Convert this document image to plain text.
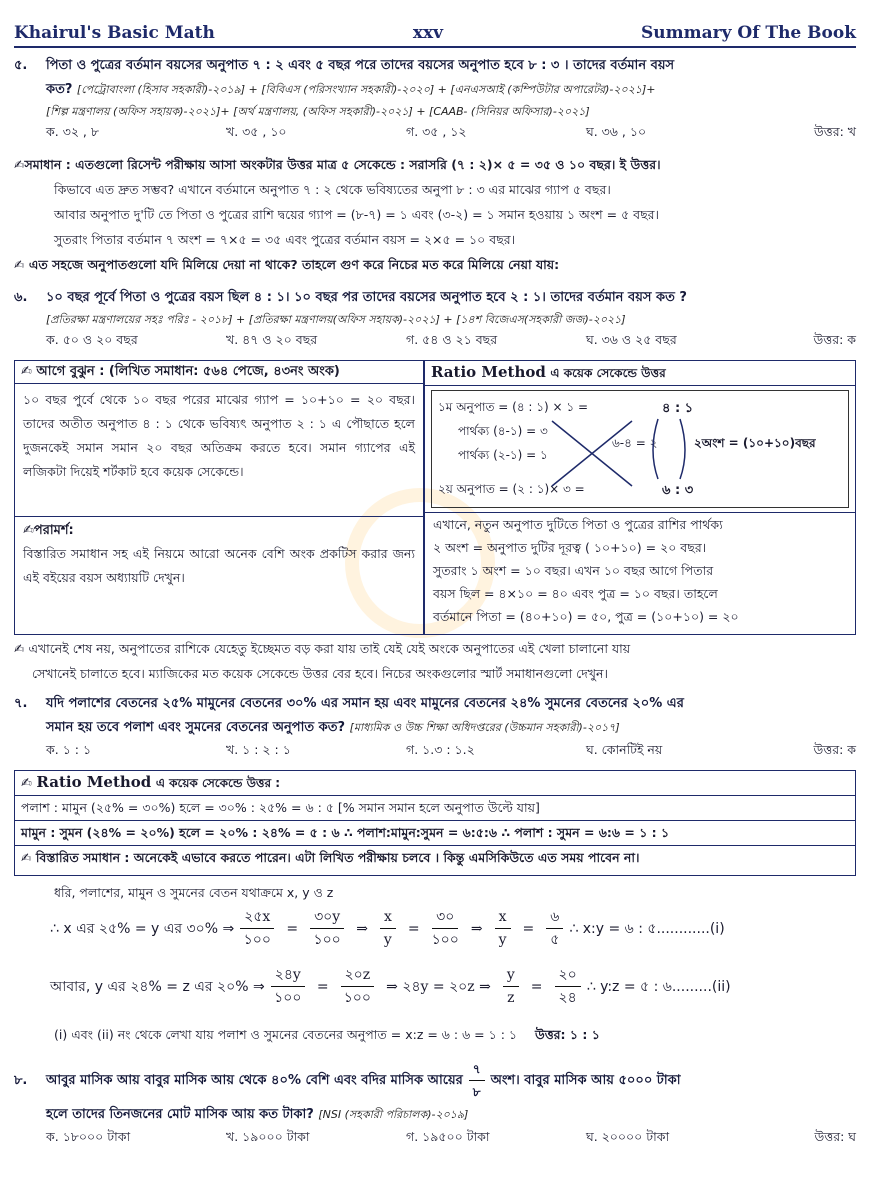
Khairul's Basic Math	xxv	Summary Of The Book
৫. পিতা ও পুত্রের বর্তমান বয়সের অনুপাত ৭ : ২ এবং ৫ বছর পরে তাদের বয়সের অনুপাত হবে ৮ : ৩ । তাদের বর্তমান বয়স
কত? [পেট্রোবাংলা (হিসাব সহকারী)-২০১৯] + [বিবিএস (পরিসংখ্যান সহকারী)-২০২০] + [এনএসআই (কম্পিউটার অপারেটর)-২০২১]+
[শিল্প মন্ত্রণালয় (অফিস সহায়ক)-২০২১]+ [অর্থ মন্ত্রণালয়, (অফিস সহকারী)-২০২১] + [CAAB- (সিনিয়র অফিসার)-২০২১]
ক. ৩২ , ৮	খ. ৩৫ , ১০	গ. ৩৫ , ১২	ঘ. ৩৬ , ১০	উত্তর: খ
✍সমাধান : এতগুলো রিসেন্ট পরীক্ষায় আসা অংকটার উত্তর মাত্র ৫ সেকেন্ডে : সরাসরি (৭ : ২)× ৫ = ৩৫ ও ১০ বছর। ই উত্তর।
কিভাবে এত দ্রুত সম্ভব? এখানে বর্তমানে অনুপাত ৭ : ২ থেকে ভবিষ্যতের অনুপা ৮ : ৩ এর মাঝের গ্যাপ ৫ বছর।
আবার অনুপাত দু'টি তে পিতা ও পুত্রের রাশি দ্বয়ের গ্যাপ = (৮-৭) = ১ এবং (৩-২) = ১ সমান হওয়ায় ১ অংশ = ৫ বছর।
সুতরাং পিতার বর্তমান ৭ অংশ = ৭×৫ = ৩৫ এবং পুত্রের বর্তমান বয়স = ২×৫ = ১০ বছর।
✍ এত সহজে অনুপাতগুলো যদি মিলিয়ে দেয়া না থাকে? তাহলে গুণ করে নিচের মত করে মিলিয়ে নেয়া যায়:
৬. ১০ বছর পূর্বে পিতা ও পুত্রের বয়স ছিল ৪ : ১। ১০ বছর পর তাদের বয়সের অনুপাত হবে ২ : ১। তাদের বর্তমান বয়স কত ?
[প্রতিরক্ষা মন্ত্রণালয়ের সহঃ পরিঃ - ২০১৮] + [প্রতিরক্ষা মন্ত্রণালয়(অফিস সহায়ক)-২০২১] + [১৪শ বিজেএস(সহকারী জজ)-২০২১]
ক. ৫০ ও ২০ বছর	খ. ৪৭ ও ২০ বছর	গ. ৫৪ ও ২১ বছর	ঘ. ৩৬ ও ২৫ বছর	উত্তর: ক
✍ আগে বুঝুন : (লিখিত সমাধান: ৫৬৪ পেজে, ৪৩নং অংক)
১০ বছর পুর্বে থেকে ১০ বছর পরের মাঝের গ্যাপ = ১০+১০ = ২০ বছর। তাদের অতীত অনুপাত ৪ : ১ থেকে ভবিষ্যৎ অনুপাত ২ : ১ এ পৌছাতে হলে দুজনকেই সমান সমান ২০ বছর অতিক্রম করতে হবে। সমান গ্যাপের এই লজিকটা দিয়েই শর্টকাট হবে কয়েক সেকেন্ডে।
✍পরামর্শ:
বিস্তারিত সমাধান সহ এই নিয়মে আরো অনেক বেশি অংক প্রকটিস করার জন্য এই বইয়ের বয়স অধ্যায়টি দেখুন।
Ratio Method এ কয়েক সেকেন্ডে উত্তর
১ম অনুপাত = (৪ : ১) × ১ =	৪ : ১
পার্থক্য (৪-১) = ৩
পার্থক্য (২-১) = ১
৬-৪ = ২	২অংশ = (১০+১০)বছর
২য় অনুপাত = (২ : ১)× ৩ =	৬ : ৩
এখানে, নতুন অনুপাত দুটিতে পিতা ও পুত্রের রাশির পার্থক্য
২ অংশ = অনুপাত দুটির দূরত্ব ( ১০+১০) = ২০ বছর।
সুতরাং ১ অংশ = ১০ বছর। এখন ১০ বছর আগে পিতার
বয়স ছিল = ৪×১০ = ৪০ এবং পুত্র = ১০ বছর। তাহলে
বর্তমানে পিতা = (৪০+১০) = ৫০, পুত্র = (১০+১০) = ২০
✍ এখানেই শেষ নয়, অনুপাতের রাশিকে যেহেতু ইচ্ছেমত বড় করা যায় তাই যেই যেই অংকে অনুপাতের এই খেলা চালানো যায়
সেখানেই চালাতে হবে। ম্যাজিকের মত কয়েক সেকেন্ডে উত্তর বের হবে। নিচের অংকগুলোর স্মার্ট সমাধানগুলো দেখুন।
৭. যদি পলাশের বেতনের ২৫% মামুনের বেতনের ৩০% এর সমান হয় এবং মামুনের বেতনের ২৪% সুমনের বেতনের ২০% এর
সমান হয় তবে পলাশ এবং সুমনের বেতনের অনুপাত কত? [মাধ্যমিক ও উচ্চ শিক্ষা অধিদপ্তরের (উচ্চমান সহকারী)-২০১৭]
ক. ১ : ১	খ. ১ : ২ : ১	গ. ১.৩ : ১.২	ঘ. কোনটিই নয়	উত্তর: ক
✍ Ratio Method এ কয়েক সেকেন্ডে উত্তর :
পলাশ : মামুন (২৫% = ৩০%) হলে = ৩০% : ২৫% = ৬ : ৫ [% সমান সমান হলে অনুপাত উল্টে যায়]
মামুন : সুমন (২৪% = ২০%) হলে = ২০% : ২৪% = ৫ : ৬ ∴ পলাশ:মামুন:সুমন = ৬:৫:৬ ∴ পলাশ : সুমন = ৬:৬ = ১ : ১
✍ বিস্তারিত সমাধান : অনেকেই এভাবে করতে পারেন। এটা লিখিত পরীক্ষায় চলবে । কিন্তু এমসিকিউতে এত সময় পাবেন না।
ধরি, পলাশের, মামুন ও সুমনের বেতন যথাক্রমে x, y ও z
∴ x এর ২৫% = y এর ৩০% ⇒ $\frac{২৫x}{১০০} = \frac{৩০y}{১০০}$ ⇒ $\frac{x}{y} = \frac{৩০}{১০০}$ ⇒ $\frac{x}{y} = \frac{৬}{৫}$ ∴ x:y = ৬ : ৫............(i)
আবার, y এর ২৪% = z এর ২০% ⇒ $\frac{২৪y}{১০০} = \frac{২০z}{১০০}$ ⇒ ২৪y = ২০z ⇒ $\frac{y}{z} = \frac{২০}{২৪}$ ∴ y:z = ৫ : ৬.........(ii)
(i) এবং (ii) নং থেকে লেখা যায় পলাশ ও সুমনের বেতনের অনুপাত = x:z = ৬ : ৬ = ১ : ১ উত্তর: ১ : ১
৮.	আবুর মাসিক আয় বাবুর মাসিক আয় থেকে ৪০% বেশি এবং বদির মাসিক আয়ের $\frac{৭}{৮}$ অংশ। বাবুর মাসিক আয় ৫০০০ টাকা
হলে তাদের তিনজনের মোট মাসিক আয় কত টাকা? [NSI (সহকারী পরিচালক)-২০১৯]
ক. ১৮০০০ টাকা	খ. ১৯০০০ টাকা	গ. ১৯৫০০ টাকা	ঘ. ২০০০০ টাকা	উত্তর: ঘ
